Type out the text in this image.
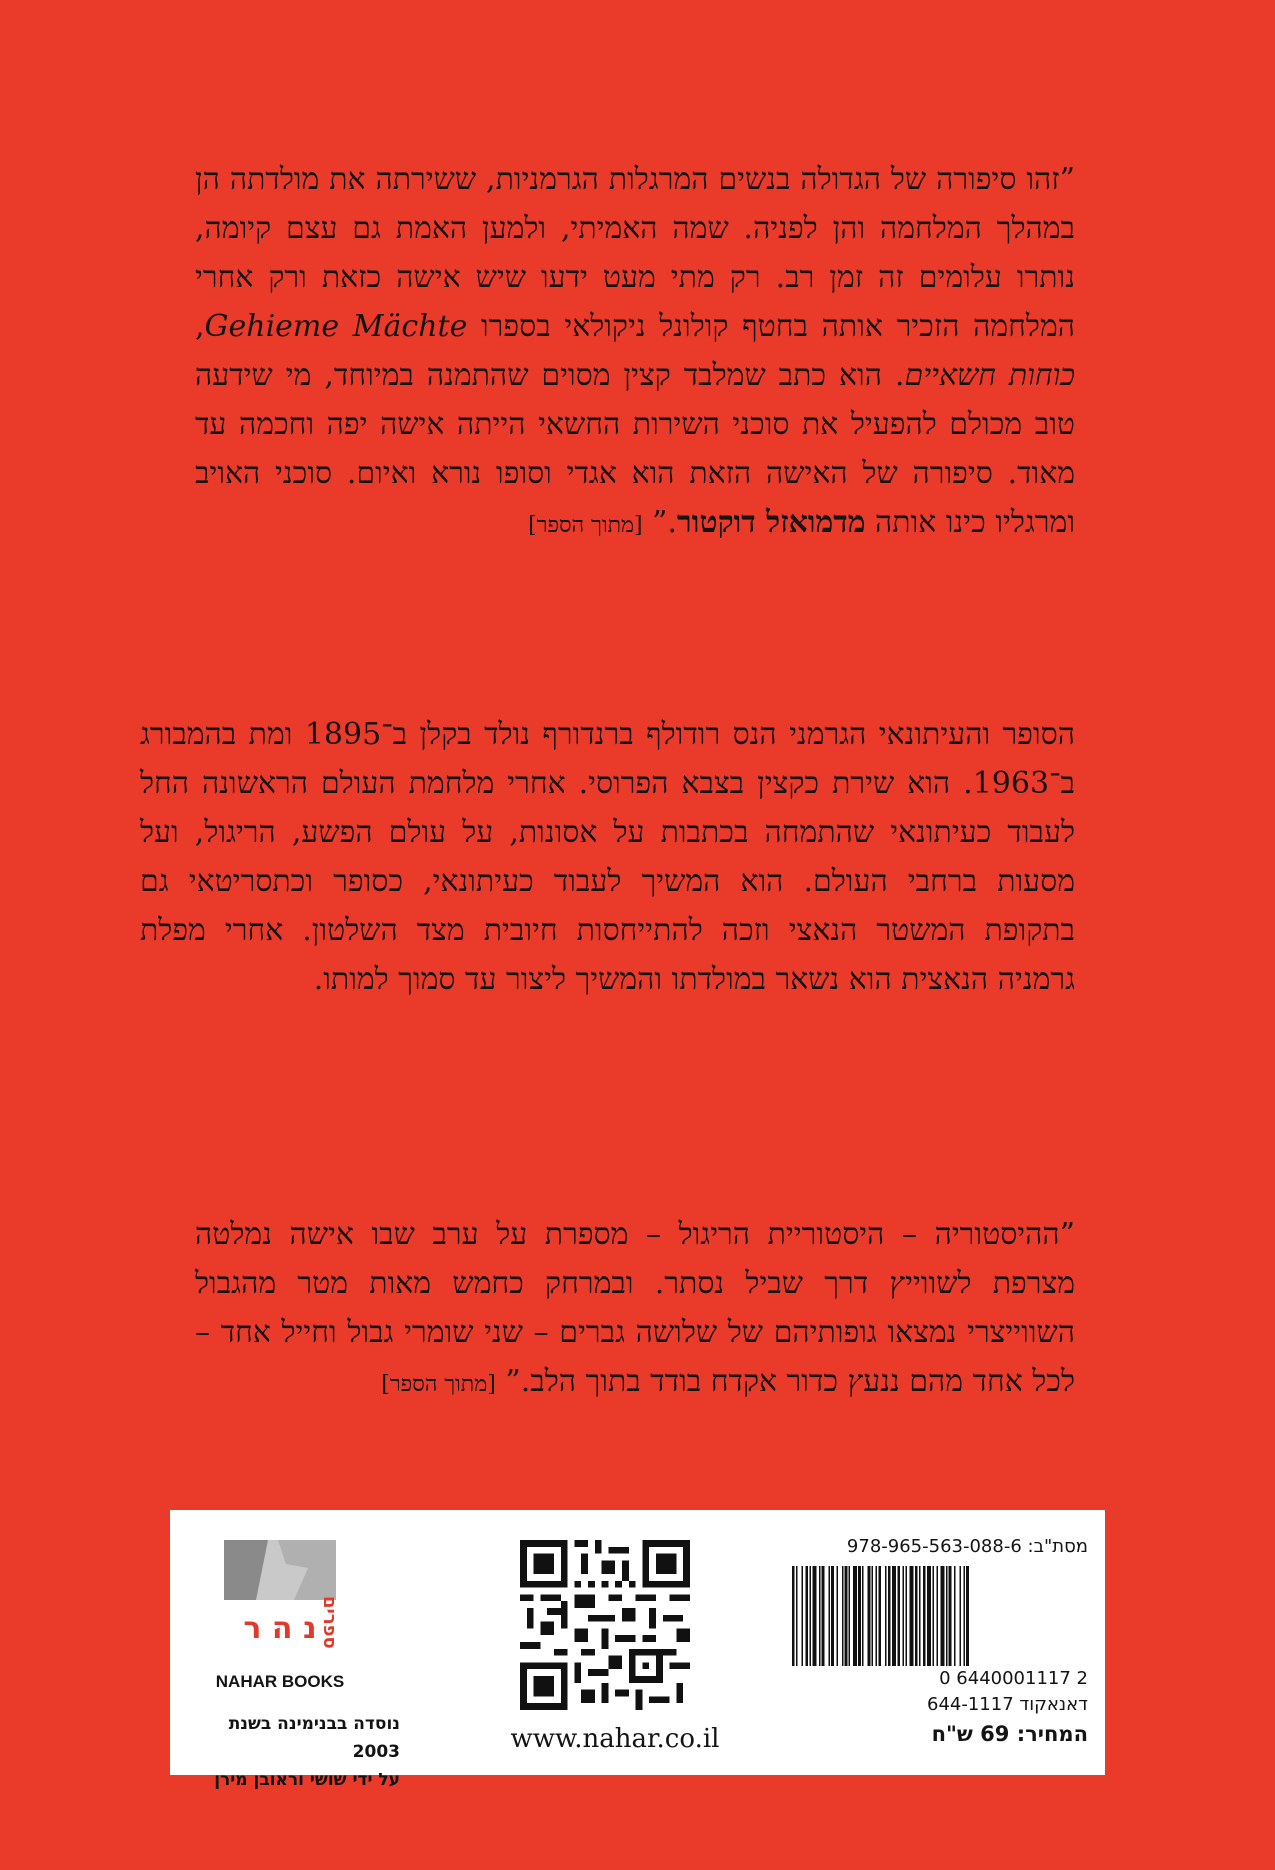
”זהו סיפורה של הגדולה בנשים המרגלות הגרמניות, ששירתה את מולדתה הן במהלך המלחמה והן לפניה. שמה האמיתי, ולמען האמת גם עצם קיומה, נותרו עלומים זה זמן רב. רק מתי מעט ידעו שיש אישה כזאת ורק אחרי המלחמה הזכיר אותה בחטף קולונל ניקולאי בספרו Gehieme Mächte, כוחות חשאיים. הוא כתב שמלבד קצין מסוים שהתמנה במיוחד, מי שידעה טוב מכולם להפעיל את סוכני השירות החשאי הייתה אישה יפה וחכמה עד מאוד. סיפורה של האישה הזאת הוא אגדי וסופו נורא ואיום. סוכני האויב ומרגליו כינו אותה מדמואזל דוקטור.” [מתוך הספר]

הסופר והעיתונאי הגרמני הנס רודולף ברנדורף נולד בקלן ב־1895 ומת בהמבורג ב־1963. הוא שירת כקצין בצבא הפרוסי. אחרי מלחמת העולם הראשונה החל לעבוד כעיתונאי שהתמחה בכתבות על אסונות, על עולם הפשע, הריגול, ועל מסעות ברחבי העולם. הוא המשיך לעבוד כעיתונאי, כסופר וכתסריטאי גם בתקופת המשטר הנאצי וזכה להתייחסות חיובית מצד השלטון. אחרי מפלת גרמניה הנאצית הוא נשאר במולדתו והמשיך ליצור עד סמוך למותו.

”ההיסטוריה – היסטוריית הריגול – מספרת על ערב שבו אישה נמלטה מצרפת לשווייץ דרך שביל נסתר. ובמרחק כחמש מאות מטר מהגבול השווייצרי נמצאו גופותיהם של שלושה גברים – שני שומרי גבול וחייל אחד – לכל אחד מהם ננעץ כדור אקדח בודד בתוך הלב.” [מתוך הספר]

נ ה ר ספרים
NAHAR BOOKS
נוסדה בבנימינה בשנת 2003
על ידי שושי וראובן מירן
www.nahar.co.il
מסת"ב: 978-965-563-088-6
0 6440001117 2
דאנאקוד 644-1117
המחיר: 69 ש"ח
